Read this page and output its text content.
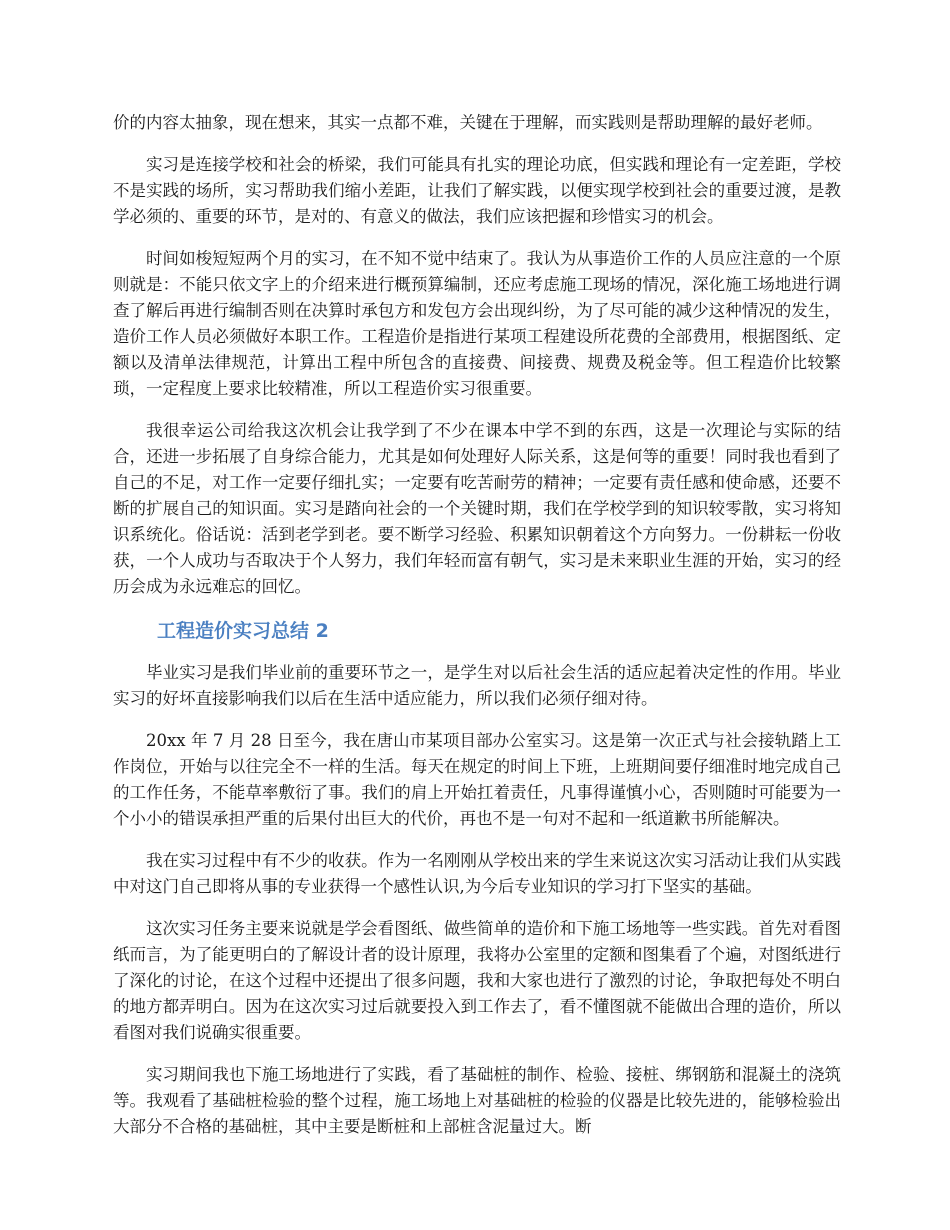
价的内容太抽象，现在想来，其实一点都不难，关键在于理解，而实践则是帮助理解的最好老师。

实习是连接学校和社会的桥梁，我们可能具有扎实的理论功底，但实践和理论有一定差距，学校不是实践的场所，实习帮助我们缩小差距，让我们了解实践，以便实现学校到社会的重要过渡，是教学必须的、重要的环节，是对的、有意义的做法，我们应该把握和珍惜实习的机会。

时间如梭短短两个月的实习，在不知不觉中结束了。我认为从事造价工作的人员应注意的一个原则就是：不能只依文字上的介绍来进行概预算编制，还应考虑施工现场的情况，深化施工场地进行调查了解后再进行编制否则在决算时承包方和发包方会出现纠纷，为了尽可能的减少这种情况的发生，造价工作人员必须做好本职工作。工程造价是指进行某项工程建设所花费的全部费用，根据图纸、定额以及清单法律规范，计算出工程中所包含的直接费、间接费、规费及税金等。但工程造价比较繁琐，一定程度上要求比较精准，所以工程造价实习很重要。

我很幸运公司给我这次机会让我学到了不少在课本中学不到的东西，这是一次理论与实际的结合，还进一步拓展了自身综合能力，尤其是如何处理好人际关系，这是何等的重要！同时我也看到了自己的不足，对工作一定要仔细扎实；一定要有吃苦耐劳的精神；一定要有责任感和使命感，还要不断的扩展自己的知识面。实习是踏向社会的一个关键时期，我们在学校学到的知识较零散，实习将知识系统化。俗话说：活到老学到老。要不断学习经验、积累知识朝着这个方向努力。一份耕耘一份收获，一个人成功与否取决于个人努力，我们年轻而富有朝气，实习是未来职业生涯的开始，实习的经历会成为永远难忘的回忆。

工程造价实习总结 2

毕业实习是我们毕业前的重要环节之一，是学生对以后社会生活的适应起着决定性的作用。毕业实习的好坏直接影响我们以后在生活中适应能力，所以我们必须仔细对待。

20xx 年 7 月 28 日至今，我在唐山市某项目部办公室实习。这是第一次正式与社会接轨踏上工作岗位，开始与以往完全不一样的生活。每天在规定的时间上下班，上班期间要仔细准时地完成自己的工作任务，不能草率敷衍了事。我们的肩上开始扛着责任，凡事得谨慎小心，否则随时可能要为一个小小的错误承担严重的后果付出巨大的代价，再也不是一句对不起和一纸道歉书所能解决。

我在实习过程中有不少的收获。作为一名刚刚从学校出来的学生来说这次实习活动让我们从实践中对这门自己即将从事的专业获得一个感性认识,为今后专业知识的学习打下坚实的基础。

这次实习任务主要来说就是学会看图纸、做些简单的造价和下施工场地等一些实践。首先对看图纸而言，为了能更明白的了解设计者的设计原理，我将办公室里的定额和图集看了个遍，对图纸进行了深化的讨论，在这个过程中还提出了很多问题，我和大家也进行了激烈的讨论，争取把每处不明白的地方都弄明白。因为在这次实习过后就要投入到工作去了，看不懂图就不能做出合理的造价，所以看图对我们说确实很重要。

实习期间我也下施工场地进行了实践，看了基础桩的制作、检验、接桩、绑钢筋和混凝土的浇筑等。我观看了基础桩检验的整个过程，施工场地上对基础桩的检验的仪器是比较先进的，能够检验出大部分不合格的基础桩，其中主要是断桩和上部桩含泥量过大。断
